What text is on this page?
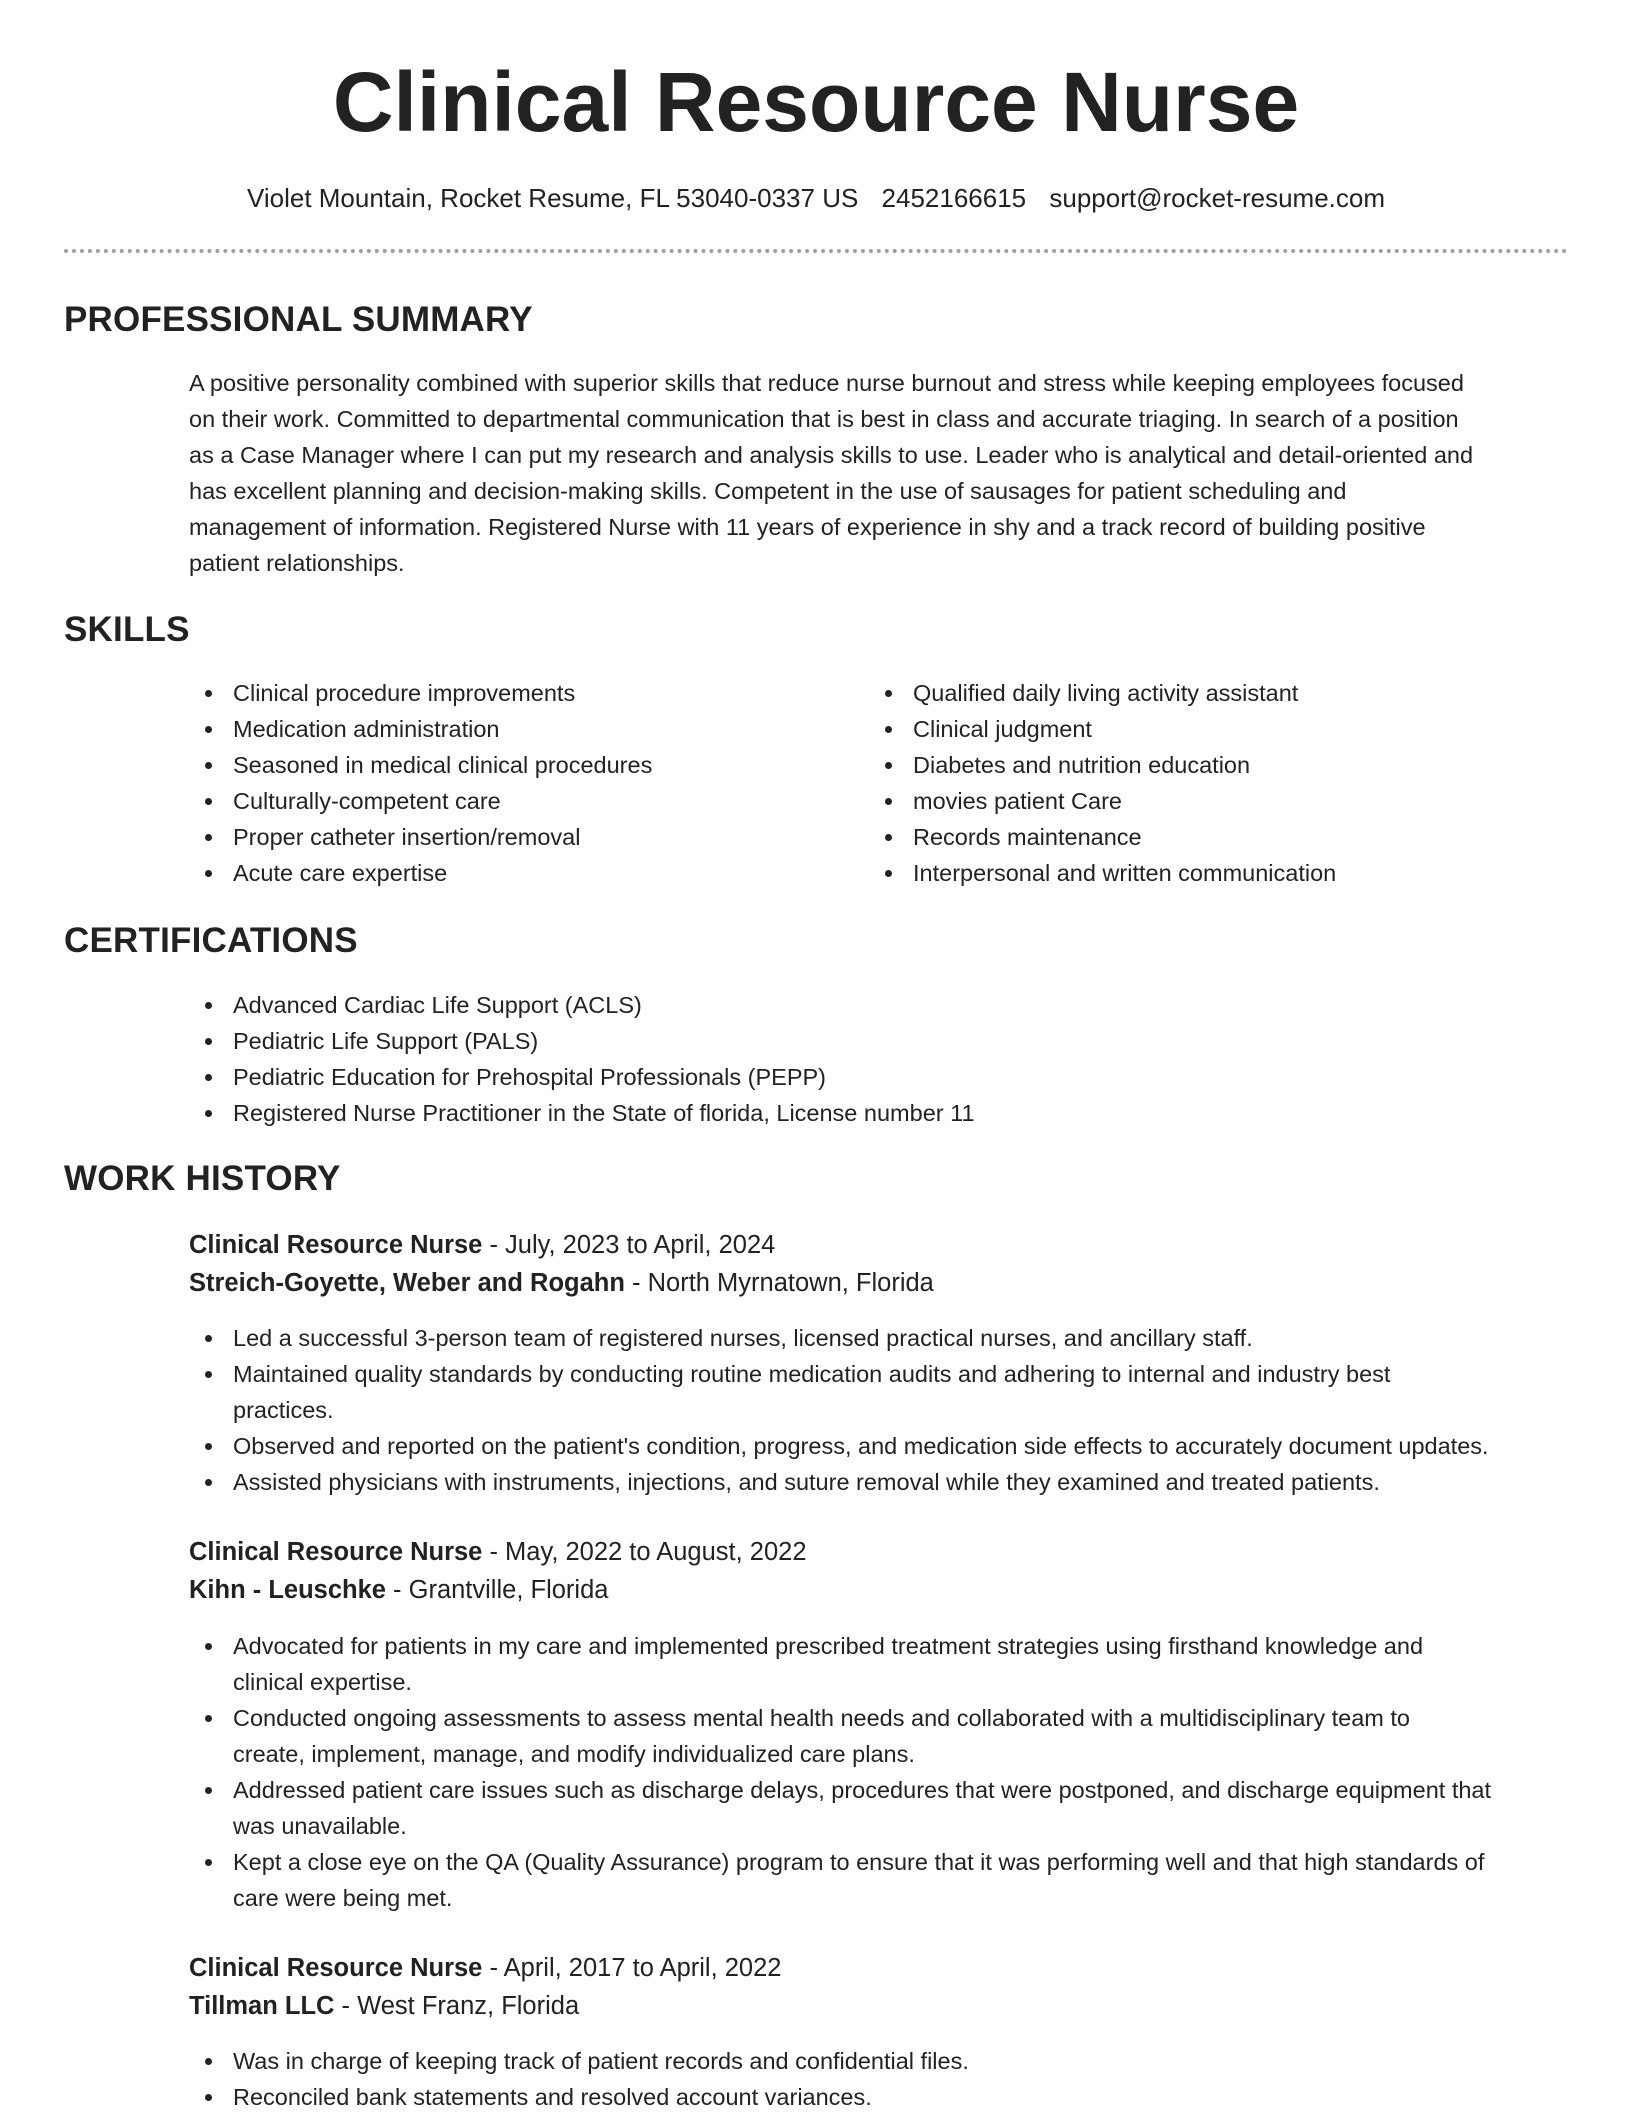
Clinical Resource Nurse
Violet Mountain, Rocket Resume, FL 53040-0337 US 2452166615 support@rocket-resume.com
PROFESSIONAL SUMMARY
A positive personality combined with superior skills that reduce nurse burnout and stress while keeping employees focused
on their work. Committed to departmental communication that is best in class and accurate triaging. In search of a position
as a Case Manager where I can put my research and analysis skills to use. Leader who is analytical and detail-oriented and
has excellent planning and decision-making skills. Competent in the use of sausages for patient scheduling and
management of information. Registered Nurse with 11 years of experience in shy and a track record of building positive
patient relationships.
SKILLS
Clinical procedure improvements
Medication administration
Seasoned in medical clinical procedures
Culturally-competent care
Proper catheter insertion/removal
Acute care expertise
Qualified daily living activity assistant
Clinical judgment
Diabetes and nutrition education
movies patient Care
Records maintenance
Interpersonal and written communication
CERTIFICATIONS
Advanced Cardiac Life Support (ACLS)
Pediatric Life Support (PALS)
Pediatric Education for Prehospital Professionals (PEPP)
Registered Nurse Practitioner in the State of florida, License number 11
WORK HISTORY
Clinical Resource Nurse - July, 2023 to April, 2024
Streich-Goyette, Weber and Rogahn - North Myrnatown, Florida
Led a successful 3-person team of registered nurses, licensed practical nurses, and ancillary staff.
Maintained quality standards by conducting routine medication audits and adhering to internal and industry best
practices.
Observed and reported on the patient's condition, progress, and medication side effects to accurately document updates.
Assisted physicians with instruments, injections, and suture removal while they examined and treated patients.
Clinical Resource Nurse - May, 2022 to August, 2022
Kihn - Leuschke - Grantville, Florida
Advocated for patients in my care and implemented prescribed treatment strategies using firsthand knowledge and
clinical expertise.
Conducted ongoing assessments to assess mental health needs and collaborated with a multidisciplinary team to
create, implement, manage, and modify individualized care plans.
Addressed patient care issues such as discharge delays, procedures that were postponed, and discharge equipment that
was unavailable.
Kept a close eye on the QA (Quality Assurance) program to ensure that it was performing well and that high standards of
care were being met.
Clinical Resource Nurse - April, 2017 to April, 2022
Tillman LLC - West Franz, Florida
Was in charge of keeping track of patient records and confidential files.
Reconciled bank statements and resolved account variances.
